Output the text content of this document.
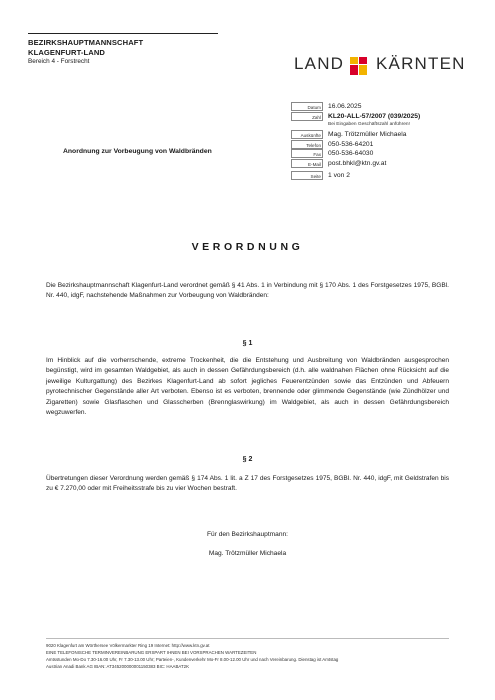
BEZIRKSHAUPTMANNSCHAFT
KLAGENFURT-LAND
Bereich 4 - Forstrecht	LAND KÄRNTEN
Datum 16.06.2025
Zahl KL20-ALL-57/2007 (039/2025)
Bei Eingaben Geschäftszahl anführen!
Auskünfte Mag. Trötzmüller Michaela
Telefon 050-536-64201
Fax 050-536-64030
E-Mail post.bhkl@ktn.gv.at
Seite 1 von 2
Anordnung zur Vorbeugung von Waldbränden
VERORDNUNG
Die Bezirkshauptmannschaft Klagenfurt-Land verordnet gemäß § 41 Abs. 1 in Verbindung mit § 170 Abs. 1 des Forstgesetzes 1975, BGBl. Nr. 440, idgF, nachstehende Maßnahmen zur Vorbeugung von Waldbränden:
§ 1
Im Hinblick auf die vorherrschende, extreme Trockenheit, die die Entstehung und Ausbreitung von Waldbränden ausgesprochen begünstigt, wird im gesamten Waldgebiet, als auch in dessen Gefährdungsbereich (d.h. alle waldnahen Flächen ohne Rücksicht auf die jeweilige Kulturgattung) des Bezirkes Klagenfurt-Land ab sofort jegliches Feuerentzünden sowie das Entzünden und Abfeuern pyrotechnischer Gegenstände aller Art verboten. Ebenso ist es verboten, brennende oder glimmende Gegenstände (wie Zündhölzer und Zigaretten) sowie Glasflaschen und Glasscherben (Brennglaswirkung) im Waldgebiet, als auch in dessen Gefährdungsbereich wegzuwerfen.
§ 2
Übertretungen dieser Verordnung werden gemäß § 174 Abs. 1 lit. a Z 17 des Forstgesetzes 1975, BGBl. Nr. 440, idgF, mit Geldstrafen bis zu € 7.270,00 oder mit Freiheitsstrafe bis zu vier Wochen bestraft.
Für den Bezirkshauptmann:
Mag. Trötzmüller Michaela
9020 Klagenfurt am Wörthersee Völkermarkter Ring 19 Internet: http://www.ktn.gv.at
EINE TELEFONISCHE TERMINVEREINBARUNG ERSPART IHNEN BEI VORSPRACHEN WARTEZEITEN
Amtsstunden Mo-Do 7.30-16.00 Uhr, Fr 7.30-13.00 Uhr; Parteien-, Kundenverkehr Mo-Fr 8.00-12.00 Uhr und nach Vereinbarung. Dienstag ist Amtstag
Austrian Anadi Bank AG IBAN: AT345200000001150383 BIC: HAABAT2K
